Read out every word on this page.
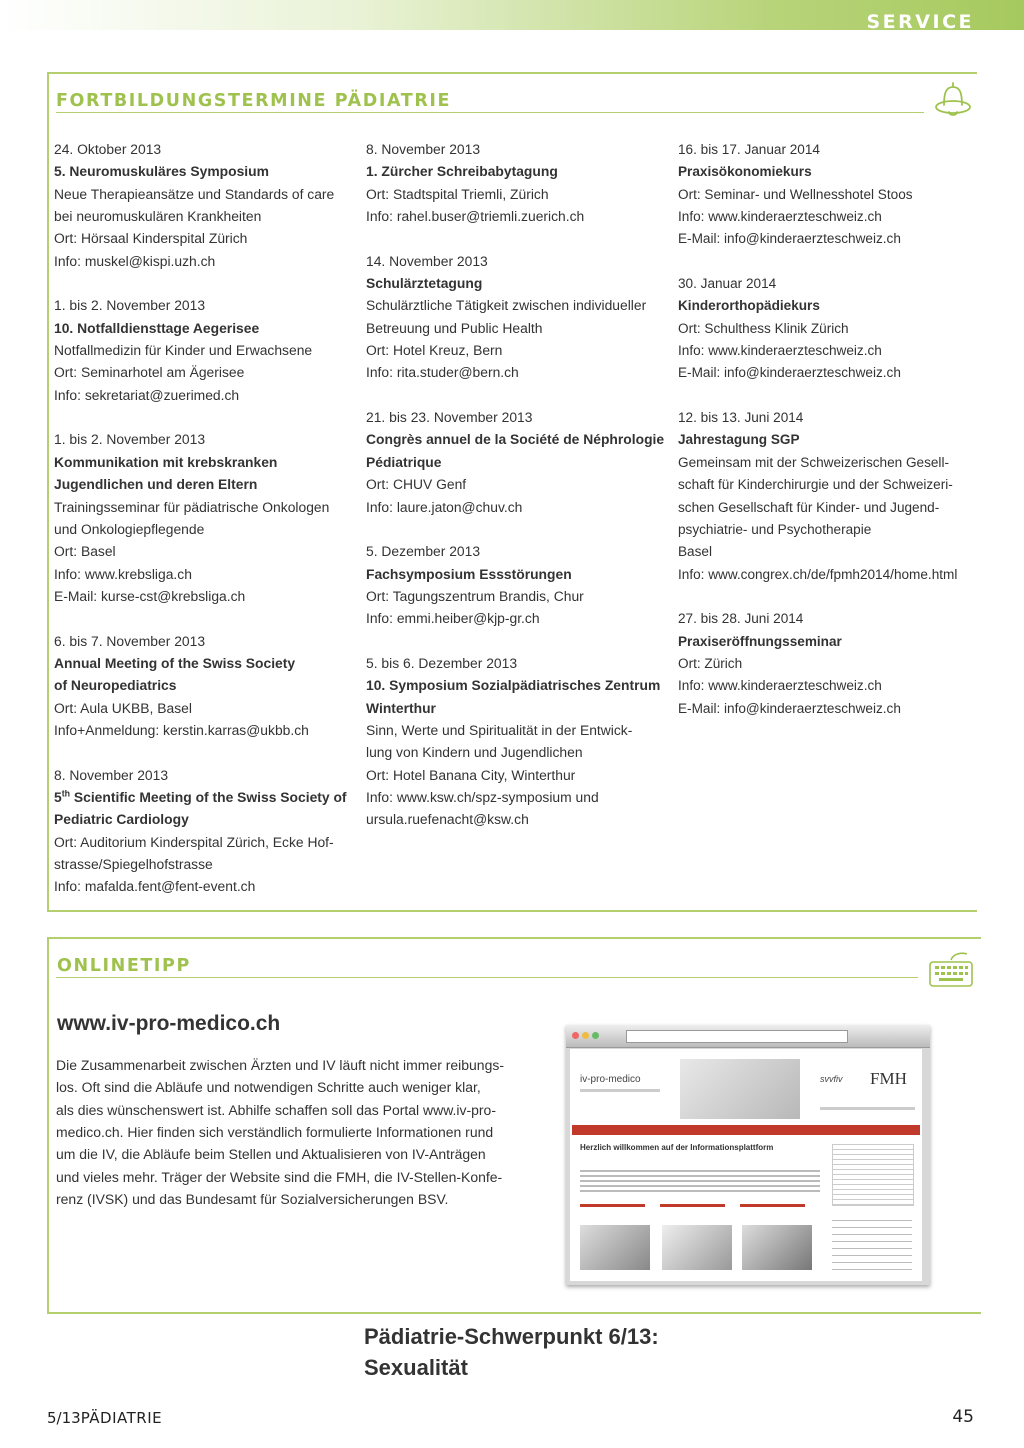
SERVICE
FORTBILDUNGSTERMINE PÄDIATRIE
24. Oktober 2013
5. Neuromuskuläres Symposium
Neue Therapieansätze und Standards of care
bei neuromuskulären Krankheiten
Ort: Hörsaal Kinderspital Zürich
Info: muskel@kispi.uzh.ch
1. bis 2. November 2013
10. Notfalldiensttage Aegerisee
Notfallmedizin für Kinder und Erwachsene
Ort: Seminarhotel am Ägerisee
Info: sekretariat@zuerimed.ch
1. bis 2. November 2013
Kommunikation mit krebskranken
Jugendlichen und deren Eltern
Trainingsseminar für pädiatrische Onkologen
und Onkologiepflegende
Ort: Basel
Info: www.krebsliga.ch
E-Mail: kurse-cst@krebsliga.ch
6. bis 7. November 2013
Annual Meeting of the Swiss Society
of Neuropediatrics
Ort: Aula UKBB, Basel
Info+Anmeldung: kerstin.karras@ukbb.ch
8. November 2013
5th Scientific Meeting of the Swiss Society of
Pediatric Cardiology
Ort: Auditorium Kinderspital Zürich, Ecke Hof-
strasse/Spiegelhofstrasse
Info: mafalda.fent@fent-event.ch
8. November 2013
1. Zürcher Schreibabytagung
Ort: Stadtspital Triemli, Zürich
Info: rahel.buser@triemli.zuerich.ch
14. November 2013
Schulärztetagung
Schulärztliche Tätigkeit zwischen individueller
Betreuung und Public Health
Ort: Hotel Kreuz, Bern
Info: rita.studer@bern.ch
21. bis 23. November 2013
Congrès annuel de la Société de Néphrologie
Pédiatrique
Ort: CHUV Genf
Info: laure.jaton@chuv.ch
5. Dezember 2013
Fachsymposium Essstörungen
Ort: Tagungszentrum Brandis, Chur
Info: emmi.heiber@kjp-gr.ch
5. bis 6. Dezember 2013
10. Symposium Sozialpädiatrisches Zentrum
Winterthur
Sinn, Werte und Spiritualität in der Entwick-
lung von Kindern und Jugendlichen
Ort: Hotel Banana City, Winterthur
Info: www.ksw.ch/spz-symposium und
ursula.ruefenacht@ksw.ch
16. bis 17. Januar 2014
Praxisökonomiekurs
Ort: Seminar- und Wellnesshotel Stoos
Info: www.kinderaerzteschweiz.ch
E-Mail: info@kinderaerzteschweiz.ch
30. Januar 2014
Kinderorthopädiekurs
Ort: Schulthess Klinik Zürich
Info: www.kinderaerzteschweiz.ch
E-Mail: info@kinderaerzteschweiz.ch
12. bis 13. Juni 2014
Jahrestagung SGP
Gemeinsam mit der Schweizerischen Gesell-
schaft für Kinderchirurgie und der Schweizeri-
schen Gesellschaft für Kinder- und Jugend-
psychiatrie- und Psychotherapie
Basel
Info: www.congrex.ch/de/fpmh2014/home.html
27. bis 28. Juni 2014
Praxiseröffnungsseminar
Ort: Zürich
Info: www.kinderaerzteschweiz.ch
E-Mail: info@kinderaerzteschweiz.ch
ONLINETIPP
www.iv-pro-medico.ch
Die Zusammenarbeit zwischen Ärzten und IV läuft nicht immer reibungs-
los. Oft sind die Abläufe und notwendigen Schritte auch weniger klar,
als dies wünschenswert ist. Abhilfe schaffen soll das Portal www.iv-pro-
medico.ch. Hier finden sich verständlich formulierte Informationen rund
um die IV, die Abläufe beim Stellen und Aktualisieren von IV-Anträgen
und vieles mehr. Träger der Website sind die FMH, die IV-Stellen-Konfe-
renz (IVSK) und das Bundesamt für Sozialversicherungen BSV.
iv-pro-medico	svvfiv FMH
Herzlich willkommen auf der Informationsplattform
Pädiatrie-Schwerpunkt 6/13:
Sexualität
5/13PÄDIATRIE	45
